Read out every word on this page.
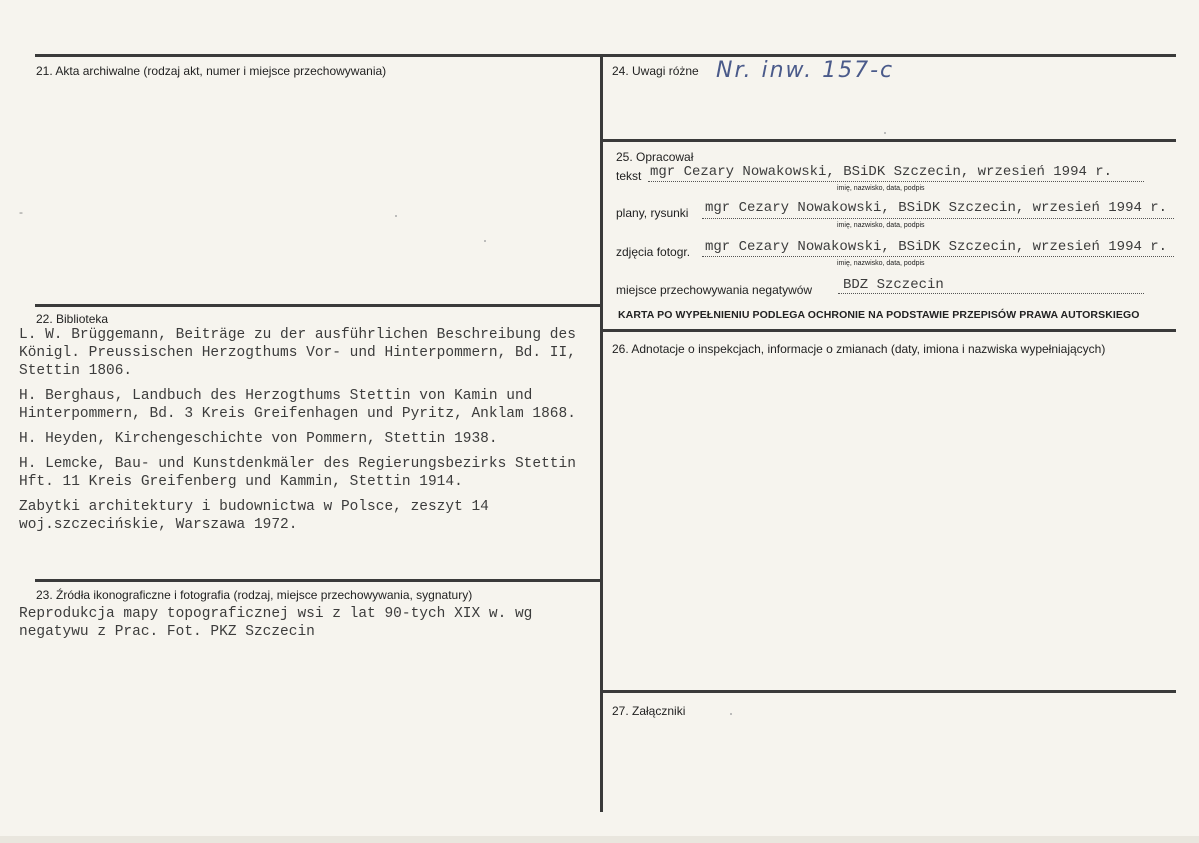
21. Akta archiwalne (rodzaj akt, numer i miejsce przechowywania)
-
22. Biblioteka

L. W. Brüggemann, Beiträge zu der ausführlichen Beschreibung des Königl. Preussischen Herzogthums Vor- und Hinterpommern, Bd. II, Stettin 1806.

H. Berghaus, Landbuch des Herzogthums Stettin von Kamin und Hinterpommern, Bd. 3 Kreis Greifenhagen und Pyritz, Anklam 1868.

H. Heyden, Kirchengeschichte von Pommern, Stettin 1938.

H. Lemcke, Bau- und Kunstdenkmäler des Regierungsbezirks Stettin Hft. 11 Kreis Greifenberg und Kammin, Stettin 1914.

Zabytki architektury i budownictwa w Polsce, zeszyt 14 woj.szczecińskie, Warszawa 1972.

23. Źródła ikonograficzne i fotografia (rodzaj, miejsce przechowywania, sygnatury)
Reprodukcja mapy topograficznej wsi z lat 90-tych XIX w. wg negatywu z Prac. Fot. PKZ Szczecin
24. Uwagi różne Nr. inw. 157-c
25. Opracował
tekst mgr Cezary Nowakowski, BSiDK Szczecin, wrzesień 1994 r.
imię, nazwisko, data, podpis
plany, rysunki mgr Cezary Nowakowski, BSiDK Szczecin, wrzesień 1994 r.
imię, nazwisko, data, podpis
zdjęcia fotogr. mgr Cezary Nowakowski, BSiDK Szczecin, wrzesień 1994 r.
imię, nazwisko, data, podpis
miejsce przechowywania negatywów BDZ Szczecin
KARTA PO WYPEŁNIENIU PODLEGA OCHRONIE NA PODSTAWIE PRZEPISÓW PRAWA AUTORSKIEGO
26. Adnotacje o inspekcjach, informacje o zmianach (daty, imiona i nazwiska wypełniających)
27. Załączniki
